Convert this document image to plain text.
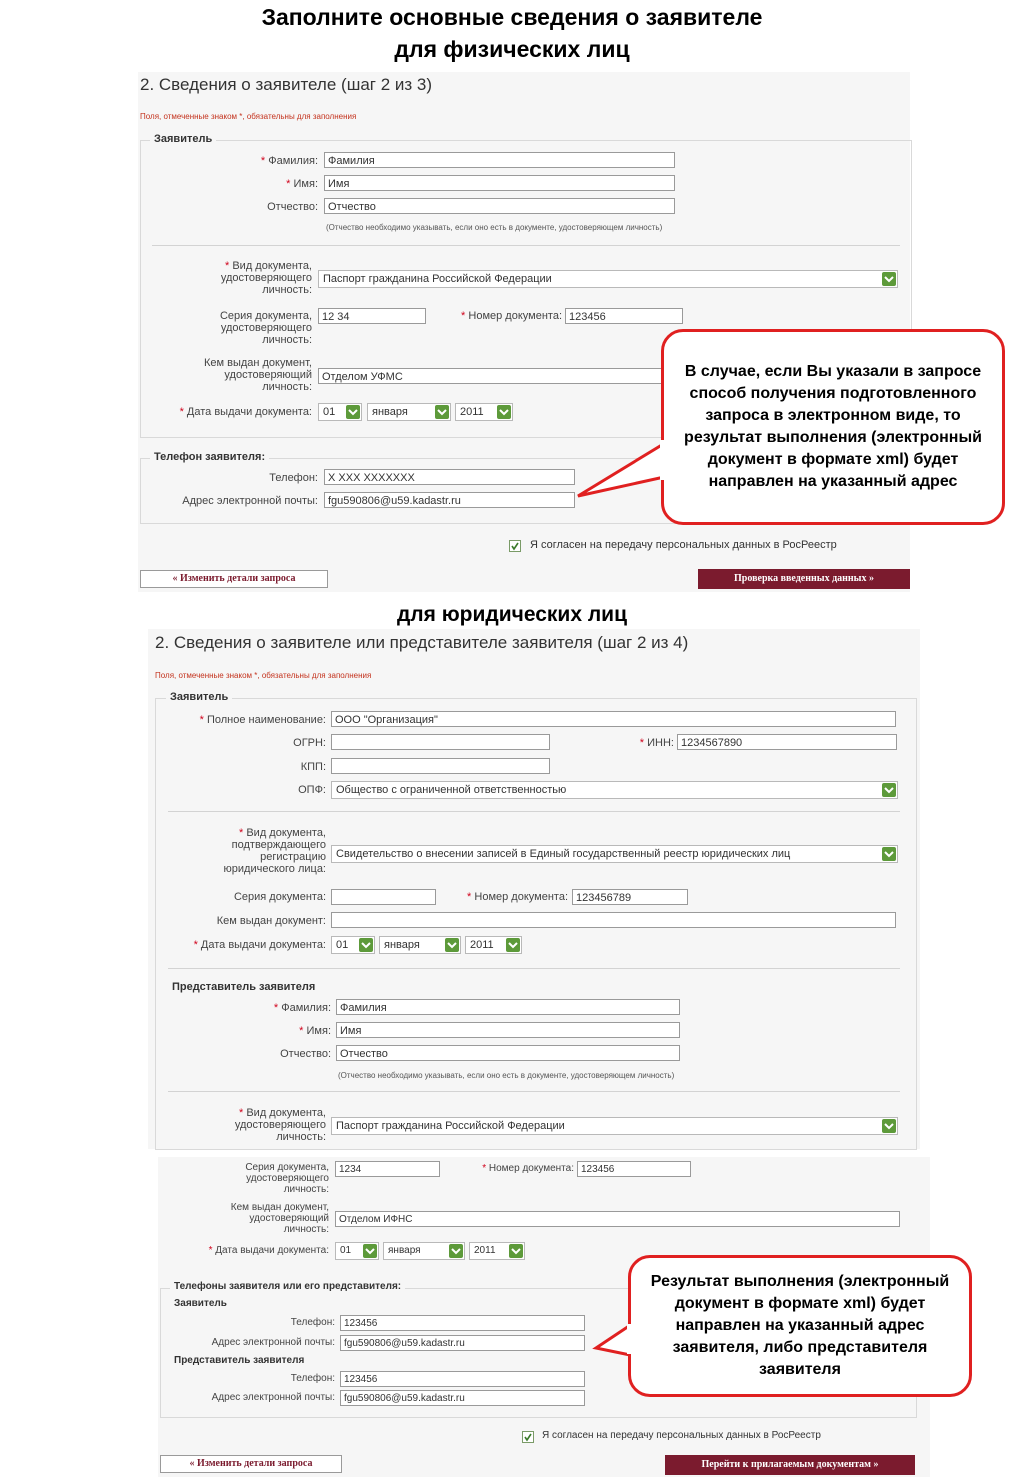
Заполните основные сведения о заявителе
для физических лиц
2. Сведения о заявителе (шаг 2 из 3)
Поля, отмеченные знаком *, обязательны для заполнения
Заявитель
* Фамилия: Фамилия
* Имя: Имя
Отчество: Отчество
(Отчество необходимо указывать, если оно есть в документе, удостоверяющем личность)
* Вид документа,
удостоверяющего
личность:
Паспорт гражданина Российской Федерации
Серия документа,
удостоверяющего
личность:
12 34	* Номер документа: 123456
Кем выдан документ,
удостоверяющий
личность:
Отделом УФМС
* Дата выдачи документа:	01	января	2011
Телефон заявителя:
Телефон: X XXX XXXXXXX
Адрес электронной почты: fgu590806@u59.kadastr.ru
Я согласен на передачу персональных данных в РосРеестр
« Изменить детали запроса	Проверка введенных данных »
В случае, если Вы указали в запросе способ получения подготовленного запроса в электронном виде, то результат выполнения (электронный документ в формате xml) будет направлен на указанный адрес
для юридических лиц
2. Сведения о заявителе или представителе заявителя (шаг 2 из 4)
Поля, отмеченные знаком *, обязательны для заполнения
Заявитель
* Полное наименование: ООО "Организация"
ОГРН:	* ИНН: 1234567890
КПП:
ОПФ: Общество с ограниченной ответственностью
* Вид документа,
подтверждающего
регистрацию
юридического лица:
Свидетельство о внесении записей в Единый государственный реестр юридических лиц
Серия документа:	* Номер документа: 123456789
Кем выдан документ:
* Дата выдачи документа: 01	января	2011
Представитель заявителя
* Фамилия: Фамилия
* Имя: Имя
Отчество: Отчество
(Отчество необходимо указывать, если оно есть в документе, удостоверяющем личность)
* Вид документа,
удостоверяющего
личность:
Паспорт гражданина Российской Федерации
Серия документа,
удостоверяющего
личность:
1234	* Номер документа: 123456
Кем выдан документ,
удостоверяющий
личность:
Отделом ИФНС
* Дата выдачи документа:	01	января	2011
Телефоны заявителя или его представителя:
Заявитель
Телефон: 123456
Адрес электронной почты: fgu590806@u59.kadastr.ru
Представитель заявителя
Телефон: 123456
Адрес электронной почты: fgu590806@u59.kadastr.ru
Я согласен на передачу персональных данных в РосРеестр
« Изменить детали запроса	Перейти к прилагаемым документам »
Результат выполнения (электронный документ в формате xml) будет направлен на указанный адрес заявителя, либо представителя заявителя
